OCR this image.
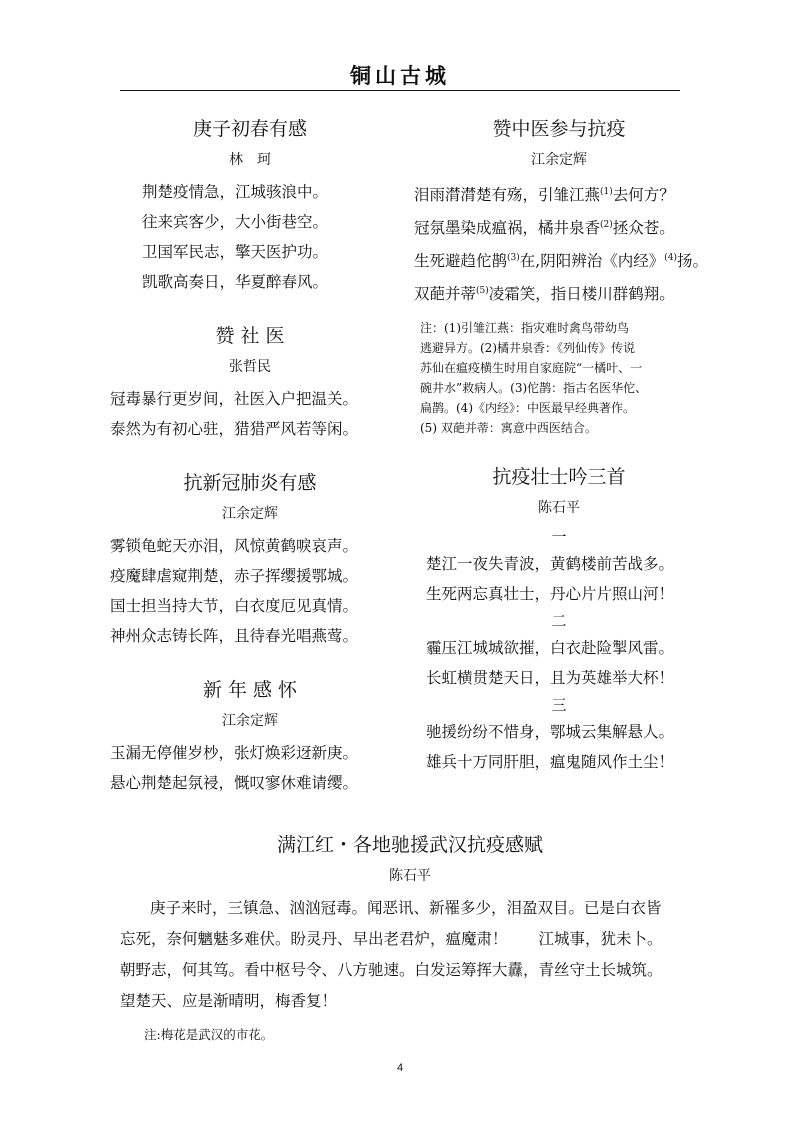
铜山古城
庚子初春有感
林　珂
荆楚疫情急，江城骇浪中。
往来宾客少，大小街巷空。
卫国军民志，擎天医护功。
凯歌高奏日，华夏醉春风。
赞 社 医
张哲民
冠毒暴行更岁间，社医入户把温关。
泰然为有初心驻，猎猎严风若等闲。
抗新冠肺炎有感
江余定辉
雾锁龟蛇天亦泪，风惊黄鹤唳哀声。
疫魔肆虐窥荆楚，赤子挥缨援鄂城。
国士担当持大节，白衣度厄见真情。
神州众志铸长阵，且待春光唱燕莺。
新 年 感 怀
江余定辉
玉漏无停催岁杪，张灯焕彩迓新庚。
悬心荆楚起氛祲，慨叹寥休难请缨。
赞中医参与抗疫
江余定辉
泪雨潸潸楚有殇，引雏江燕$^{(1)}$去何方？
冠氛墨染成瘟祸，橘井泉香$^{(2)}$拯众苍。
生死避趋佗鹊$^{(3)}$在,阴阳辨治《内经》$^{(4)}$扬。
双葩并蒂$^{(5)}$凌霜笑，指日楼川群鹤翔。
注：(1)引雏江燕：指灾难时禽鸟带幼鸟
逃避异方。(2)橘井泉香：《列仙传》传说
苏仙在瘟疫横生时用自家庭院“一橘叶、一
碗井水”救病人。(3)佗鹊：指古名医华佗、
扁鹊。(4)《内经》：中医最早经典著作。
(5) 双葩并蒂：寓意中西医结合。
抗疫壮士吟三首
陈石平
一
楚江一夜失青波，黄鹤楼前苦战多。
生死两忘真壮士，丹心片片照山河！
二
霾压江城城欲摧，白衣赴险掣风雷。
长虹横贯楚天日，且为英雄举大杯！
三
驰援纷纷不惜身，鄂城云集解悬人。
雄兵十万同肝胆，瘟鬼随风作土尘！
满江红・各地驰援武汉抗疫感赋
陈石平
庚子来时，三镇急、汹汹冠毒。闻恶讯、新罹多少，泪盈双目。已是白衣皆
忘死，奈何魑魅多难伏。盼灵丹、早出老君炉，瘟魔肃！　　江城事，犹未卜。
朝野志，何其笃。看中枢号令、八方驰速。白发运筹挥大纛，青丝守土长城筑。
望楚天、应是渐晴明，梅香复！
注:梅花是武汉的市花。
4
